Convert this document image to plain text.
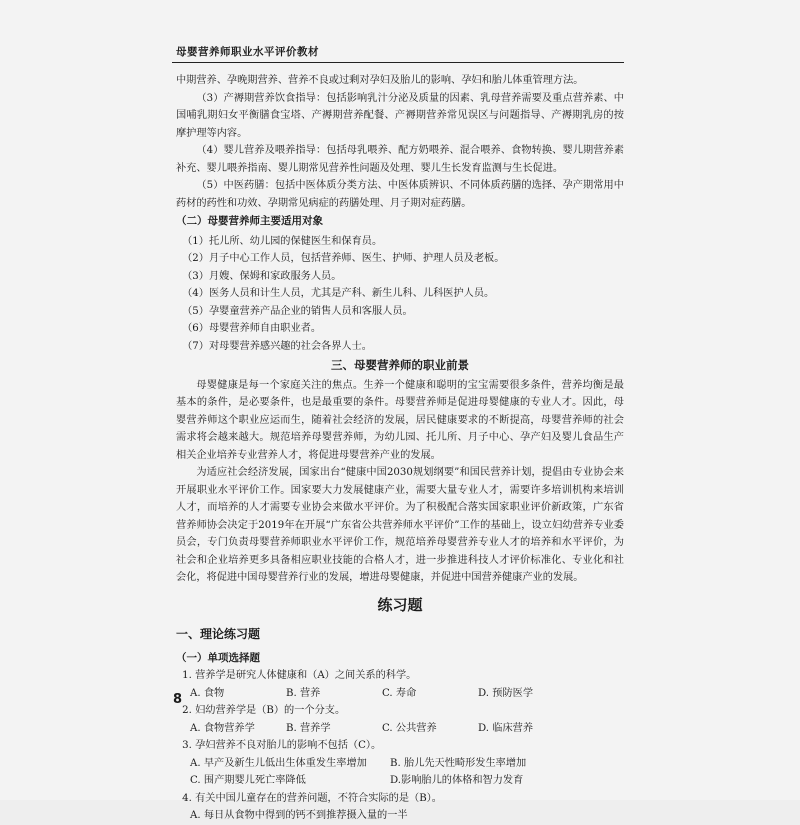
母婴营养师职业水平评价教材

中期营养、孕晚期营养、营养不良或过剩对孕妇及胎儿的影响、孕妇和胎儿体重管理方法。

（3）产褥期营养饮食指导：包括影响乳汁分泌及质量的因素、乳母营养需要及重点营养素、中国哺乳期妇女平衡膳食宝塔、产褥期营养配餐、产褥期营养常见误区与问题指导、产褥期乳房的按摩护理等内容。

（4）婴儿营养及喂养指导：包括母乳喂养、配方奶喂养、混合喂养、食物转换、婴儿期营养素补充、婴儿喂养指南、婴儿期常见营养性问题及处理、婴儿生长发育监测与生长促进。

（5）中医药膳：包括中医体质分类方法、中医体质辨识、不同体质药膳的选择、孕产期常用中药材的药性和功效、孕期常见病症的药膳处理、月子期对症药膳。

（二）母婴营养师主要适用对象

（1）托儿所、幼儿园的保健医生和保育员。

（2）月子中心工作人员，包括营养师、医生、护师、护理人员及老板。

（3）月嫂、保姆和家政服务人员。

（4）医务人员和计生人员，尤其是产科、新生儿科、儿科医护人员。

（5）孕婴童营养产品企业的销售人员和客服人员。

（6）母婴营养师自由职业者。

（7）对母婴营养感兴趣的社会各界人士。

三、母婴营养师的职业前景

母婴健康是每一个家庭关注的焦点。生养一个健康和聪明的宝宝需要很多条件，营养均衡是最基本的条件，是必要条件，也是最重要的条件。母婴营养师是促进母婴健康的专业人才。因此，母婴营养师这个职业应运而生，随着社会经济的发展，居民健康要求的不断提高，母婴营养师的社会需求将会越来越大。规范培养母婴营养师，为幼儿园、托儿所、月子中心、孕产妇及婴儿食品生产相关企业培养专业营养人才，将促进母婴营养产业的发展。

为适应社会经济发展，国家出台“健康中国2030规划纲要”和国民营养计划，提倡由专业协会来开展职业水平评价工作。国家要大力发展健康产业，需要大量专业人才，需要许多培训机构来培训人才，而培养的人才需要专业协会来做水平评价。为了积极配合落实国家职业评价新政策，广东省营养师协会决定于2019年在开展“广东省公共营养师水平评价”工作的基础上，设立妇幼营养专业委员会，专门负责母婴营养师职业水平评价工作，规范培养母婴营养专业人才的培养和水平评价，为社会和企业培养更多具备相应职业技能的合格人才，进一步推进科技人才评价标准化、专业化和社会化，将促进中国母婴营养行业的发展，增进母婴健康，并促进中国营养健康产业的发展。

练习题

一、理论练习题

（一）单项选择题

1. 营养学是研究人体健康和（A）之间关系的科学。

A. 食物	B. 营养	C. 寿命	D. 预防医学

2. 妇幼营养学是（B）的一个分支。

A. 食物营养学	B. 营养学	C. 公共营养	D. 临床营养

3. 孕妇营养不良对胎儿的影响不包括（C）。

A. 早产及新生儿低出生体重发生率增加	B. 胎儿先天性畸形发生率增加
C. 围产期婴儿死亡率降低	D.影响胎儿的体格和智力发育

4. 有关中国儿童存在的营养问题，不符合实际的是（B）。

A. 每日从食物中得到的钙不到推荐摄入量的一半
8
